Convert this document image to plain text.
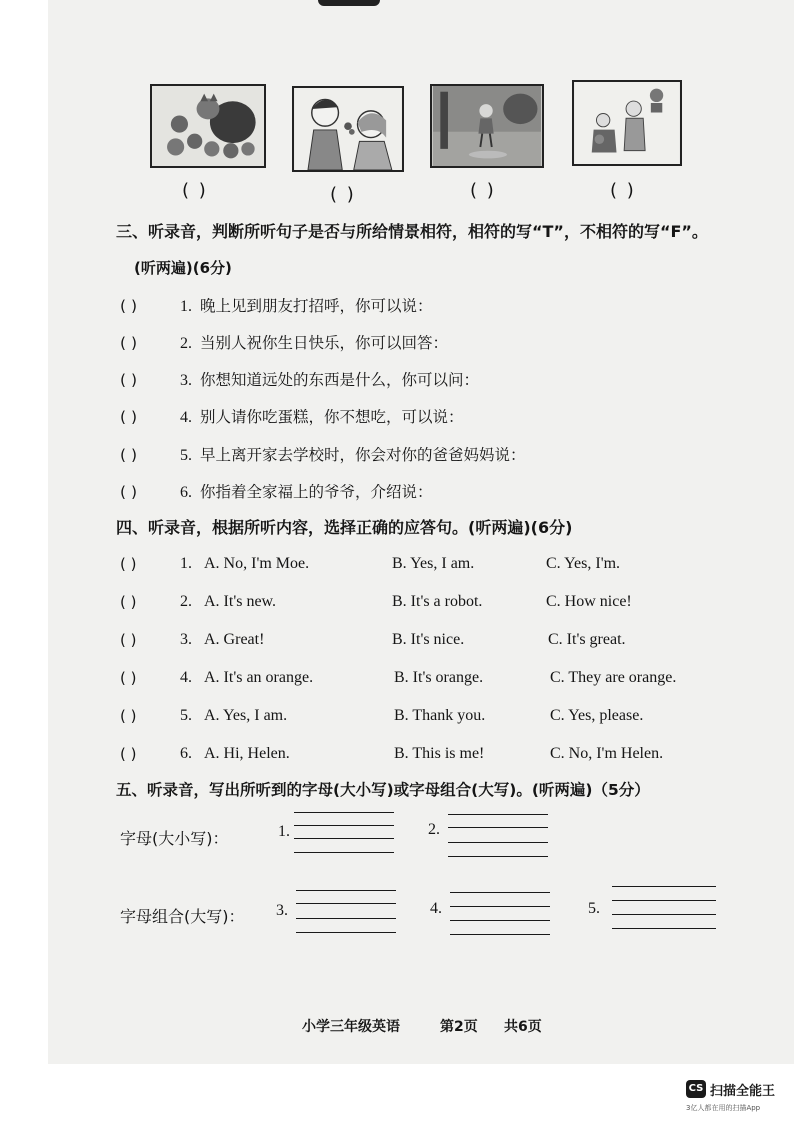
( )	( )	( )	( )
三、听录音，判断所听句子是否与所给情景相符，相符的写“T”，不相符的写“F”。
(听两遍)(6分)
( )	1. 晚上见到朋友打招呼，你可以说：
( )	2. 当别人祝你生日快乐，你可以回答：
( )	3. 你想知道远处的东西是什么，你可以问：
( )	4. 别人请你吃蛋糕，你不想吃，可以说：
( )	5. 早上离开家去学校时，你会对你的爸爸妈妈说：
( )	6. 你指着全家福上的爷爷，介绍说：
四、听录音，根据所听内容，选择正确的应答句。(听两遍)(6分)
( )	1. A. No, I'm Moe.	B. Yes, I am.	C. Yes, I'm.
( )	2. A. It's new.	B. It's a robot.	C. How nice!
( )	3. A. Great!	B. It's nice.	C. It's great.
( )	4. A. It's an orange.	B. It's orange.	C. They are orange.
( )	5. A. Yes, I am.	B. Thank you.	C. Yes, please.
( )	6. A. Hi, Helen.	B. This is me!	C. No, I'm Helen.
五、听录音，写出所听到的字母(大小写)或字母组合(大写)。(听两遍)（5分）
字母(大小写)：	1.	2.
字母组合(大写)： 3.	4.	5.
小学三年级英语	第2页 共6页
CS 扫描全能王
3亿人都在用的扫描App
